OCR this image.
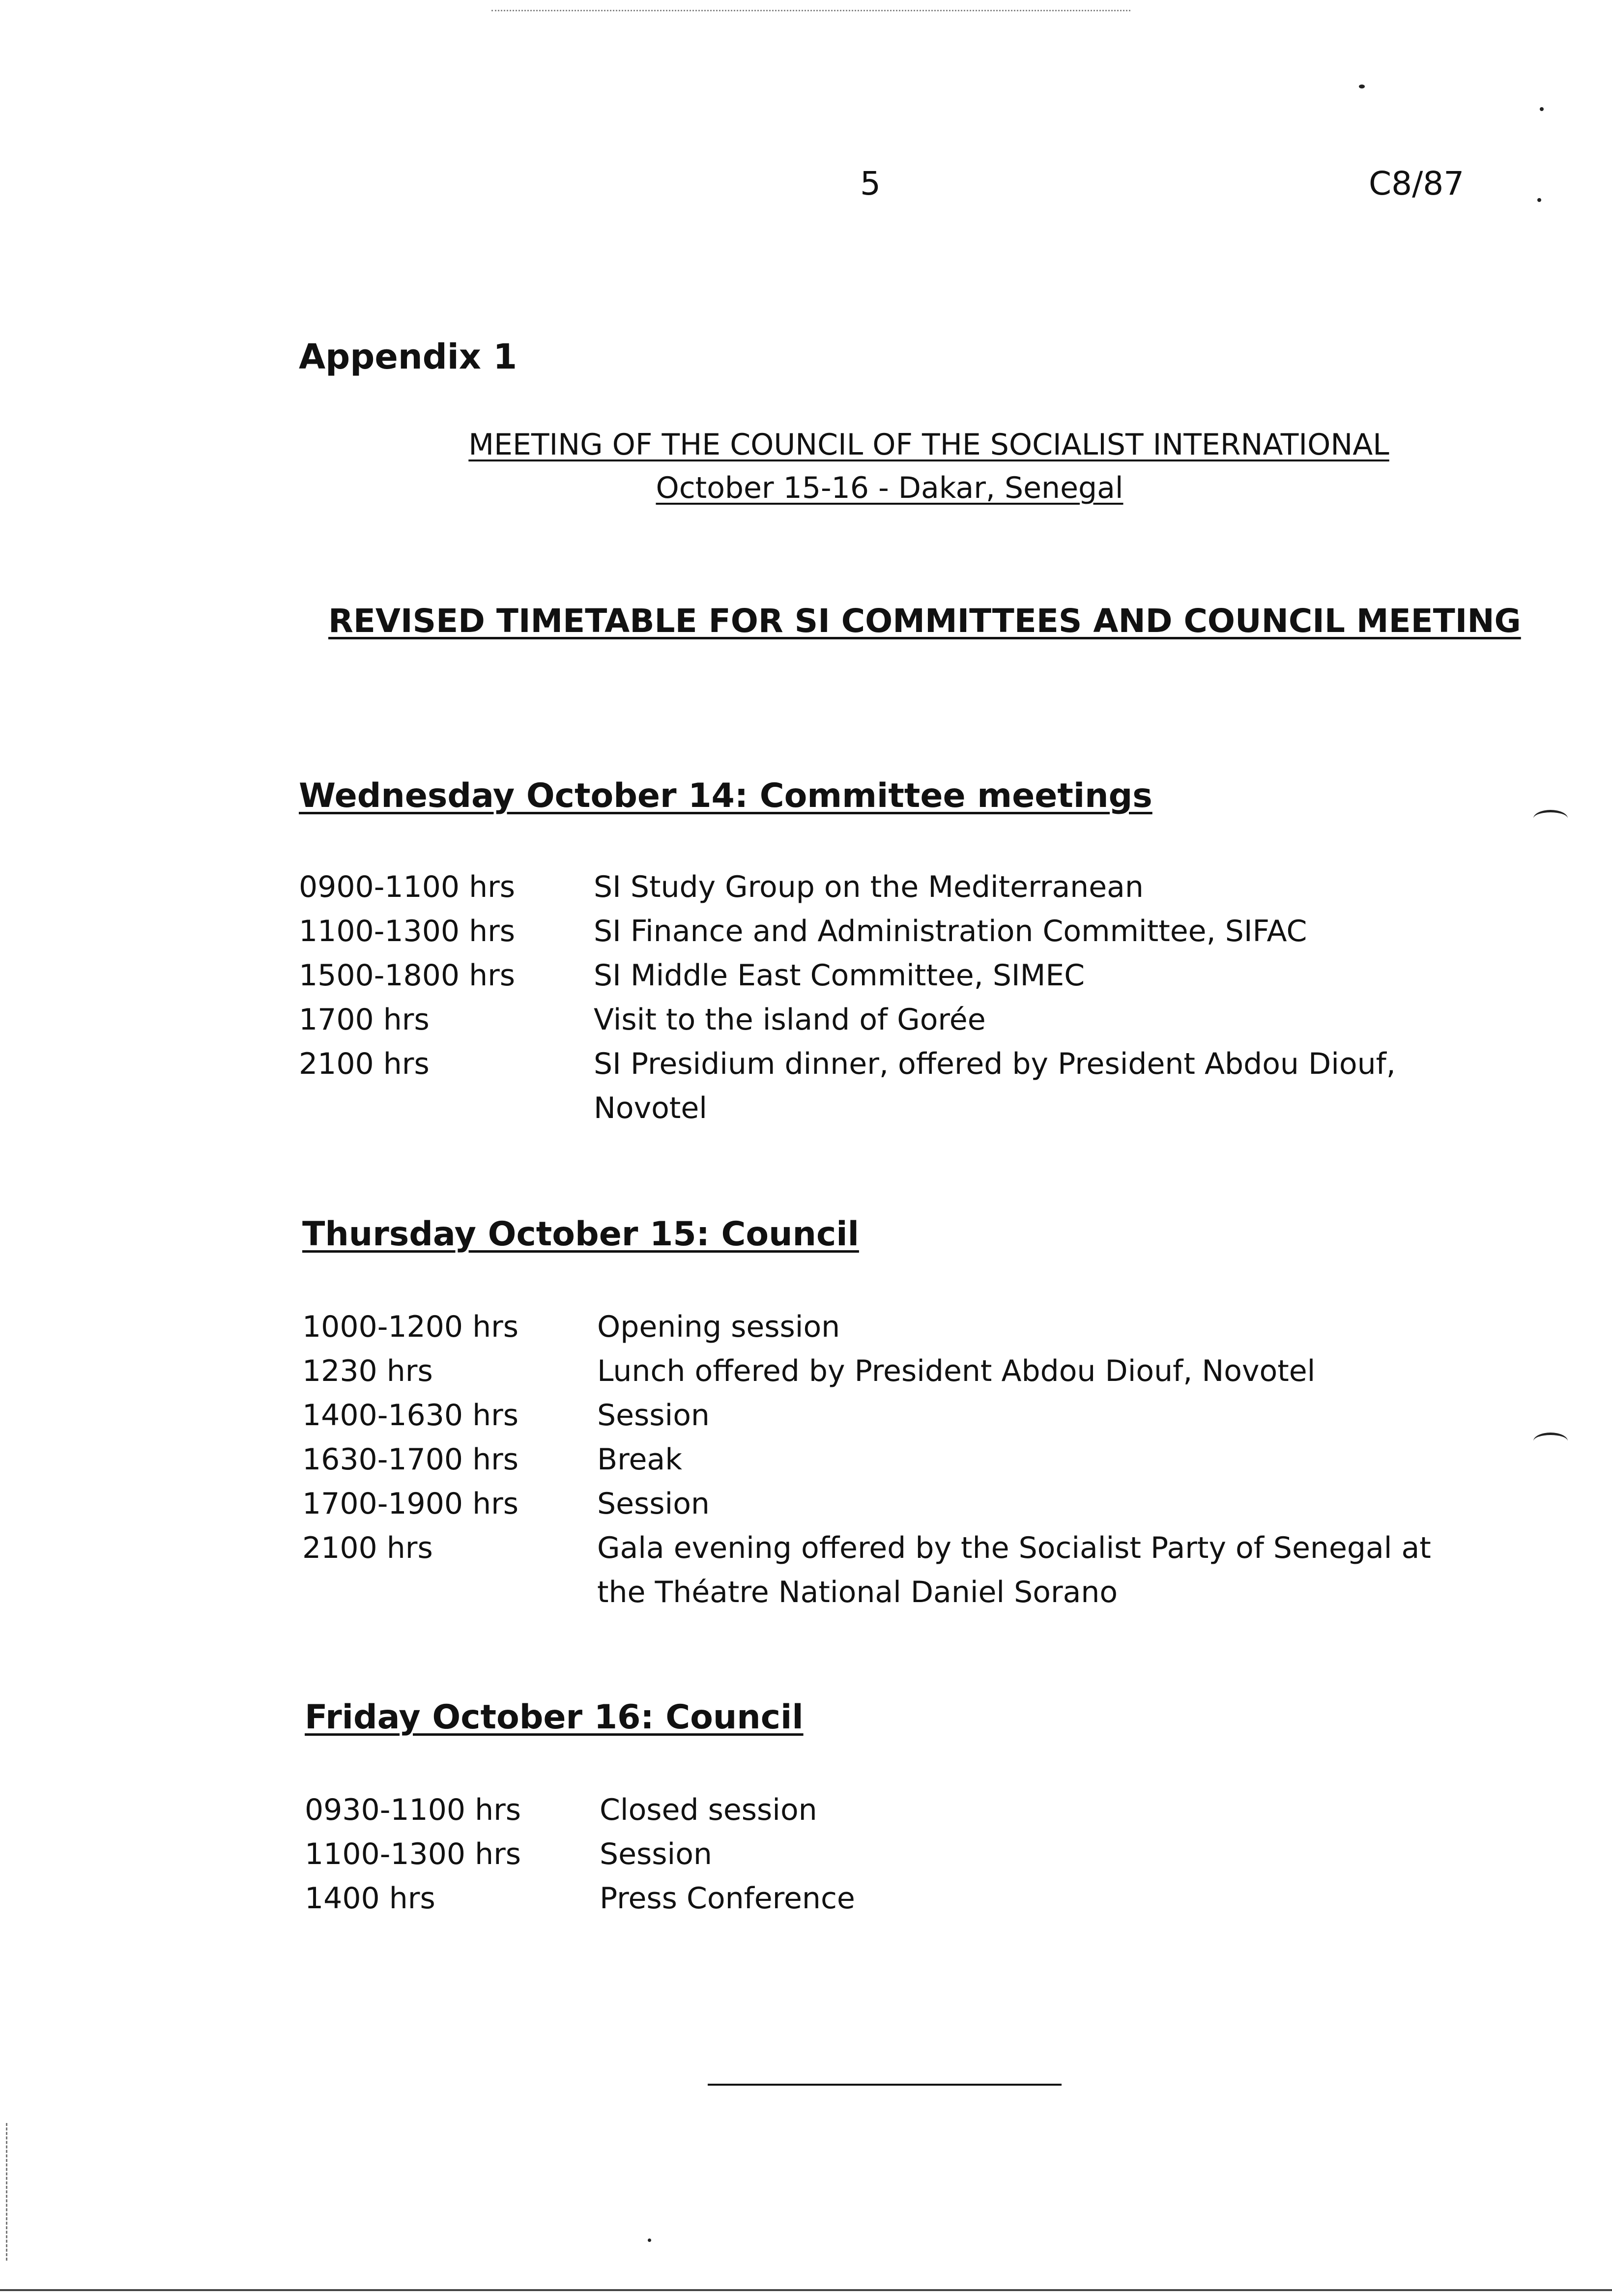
5	C8/87
Appendix 1
MEETING OF THE COUNCIL OF THE SOCIALIST INTERNATIONAL
October 15-16 - Dakar, Senegal
REVISED TIMETABLE FOR SI COMMITTEES AND COUNCIL MEETING
Wednesday October 14: Committee meetings
0900-1100 hrs	SI Study Group on the Mediterranean
1100-1300 hrs	SI Finance and Administration Committee, SIFAC
1500-1800 hrs	SI Middle East Committee, SIMEC
1700 hrs	Visit to the island of Gorée
2100 hrs	SI Presidium dinner, offered by President Abdou Diouf, Novotel
Thursday October 15: Council
1000-1200 hrs	Opening session
1230 hrs	Lunch offered by President Abdou Diouf, Novotel
1400-1630 hrs	Session
1630-1700 hrs	Break
1700-1900 hrs	Session
2100 hrs	Gala evening offered by the Socialist Party of Senegal at the Théatre National Daniel Sorano
Friday October 16: Council
0930-1100 hrs	Closed session
1100-1300 hrs	Session
1400 hrs	Press Conference
